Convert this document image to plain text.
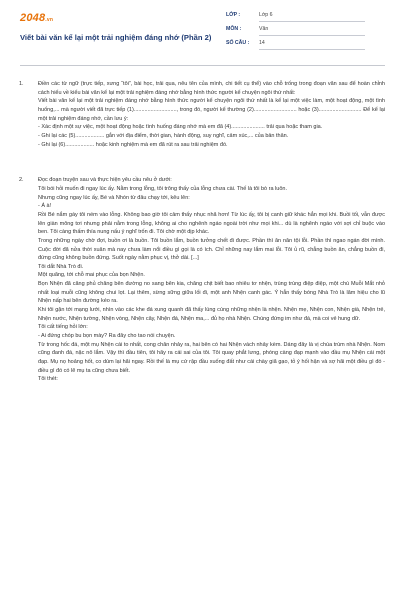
2048.vn
Viết bài văn kể lại một trải nghiệm đáng nhớ (Phần 2)
LỚP :	Lớp 6
MÔN :	Văn
SỐ CÂU :	14
1.	Điền các từ ngữ (trực tiếp, xưng “tôi”, bài học, trải qua, nêu tên của mình, chi tiết cụ thể) vào chỗ trống trong đoạn văn sau để hoàn chỉnh cách hiểu về kiểu bài văn kể lại một trải nghiệm đáng nhớ bằng hình thức người kể chuyện ngôi thứ nhất:

Viết bài văn kể lại một trải nghiệm đáng nhớ bằng hình thức người kể chuyện ngôi thứ nhất là kể lại một việc làm, một hoạt động, một tình huống,... mà người viết đã trực tiếp (1)............................, trong đó, người kể thường (2)............................ hoặc (3)............................ Để kể lại một trải nghiệm đáng nhớ, cần lưu ý:

- Xác định một sự việc, một hoạt động hoặc tình huống đáng nhớ mà em đã (4)...................... trải qua hoặc tham gia.

- Ghi lại các (5)................... gắn với địa điểm, thời gian, hành động, suy nghĩ, cảm xúc,... của bản thân.

- Ghi lại (6)................... hoặc kinh nghiệm mà em đã rút ra sau trải nghiệm đó.

2.	Đọc đoạn truyện sau và thực hiện yêu cầu nêu ở dưới:

Tôi bói hỏi muốn đi ngay lúc ấy. Nằm trong lỗng, tôi trông thấy của lỗng chưa cài. Thế là tôi bò ra luôn.

Nhưng cũng ngay lúc ấy, Bé và Nhón từ đâu chạy tới, kêu lên:

- Á à!

Rồi Bé nắm gáy tôi ném vào lỗng. Không bao giờ tôi cảm thấy nhục nhã hơn! Từ lúc ấy, tôi bị canh giữ khác hẳn mọi khi. Buồi tối, vẫn được lên giàn mông tơi nhưng phải nằm trong lỗng, không ai cho nghênh ngáo ngoài trời như mọi khi... dù là nghênh ngáo với sợi chỉ buộc vào ben. Tôi càng thấm thía nung nấu ý nghĩ trốn đi. Tôi chờ một dịp khác.

Trong những ngày chờ đợi, buồn ơi là buồn. Tôi buồn lắm, buồn tưởng chết đi được. Phần thì ăn năn tội lỗi. Phần thì ngao ngán đời mình. Cuộc đời đã nửa thời xuân mà nay chưa làm nổi điều gì gọi là có ích. Chỉ những nay lắm mai lỗi. Tôi ủ rũ, chẳng buồn ăn, chẳng buồn đi, đứng cũng không buồn đứng. Suốt ngày nằm phục vị, thở dài. [...]

Tôi dắt Nhà Trò đi.

Một quãng, tới chỗ mai phục của bọn Nhện.

Bọn Nhện đã căng phủ chăng bên đường no sang bên kia, chăng chịt biết bao nhiêu tơ nhện, trùng trùng điệp điệp, một chú Muỗi Mắt nhỏ nhất loại muỗi cũng không chui lọt. Lại thêm, sừng sững giữa lối đi, một anh Nhện canh gác. Ý hẳn thấy bóng Nhà Trò là lăm hiệu cho lũ Nhện nấp hai bên đường kéo ra.

Khi tôi gặn tới mạng lưới, nhìn vào các khe đá xung quanh đã thấy lúng cúng những nhện là nhện. Nhện mẹ, Nhện con, Nhện già, Nhện trẻ, Nhện nước, Nhện tường, Nhện vòng, Nhện cây, Nhện đá, Nhện ma,... đủ họ nhà Nhện. Chúng đứng im như đá, mà coi vẻ hung dữ.

Tôi cất tiếng hỏi lớn:

- Ai đứng chóp bu bọn mày? Ra đây cho tao nói chuyện.

Từ trong hốc đá, một mụ Nhện cái to nhất, cong chân nhảy ra, hai bên có hai Nhện vách nhảy kèm. Dáng đây là vị chúa trùm nhà Nhện. Nom cũng đanh đá, nặc nô lắm. Vậy thì đầu tiên, tôi hãy ra cái sai của tôi. Tôi quay phắt lưng, phóng càng đạp mạnh vào đầu mụ Nhện cái một đạp. Mụ nọ hoảng hốt, co dúm lại hãi ngay. Rồi thế là mụ cứ rập đầu xuống đất như cái chày giã gạo, tỏ ý hối hận và sợ hãi một điều gì đó - điều gì đó có lẽ mụ ta cũng chưa biết.

Tôi thét:
